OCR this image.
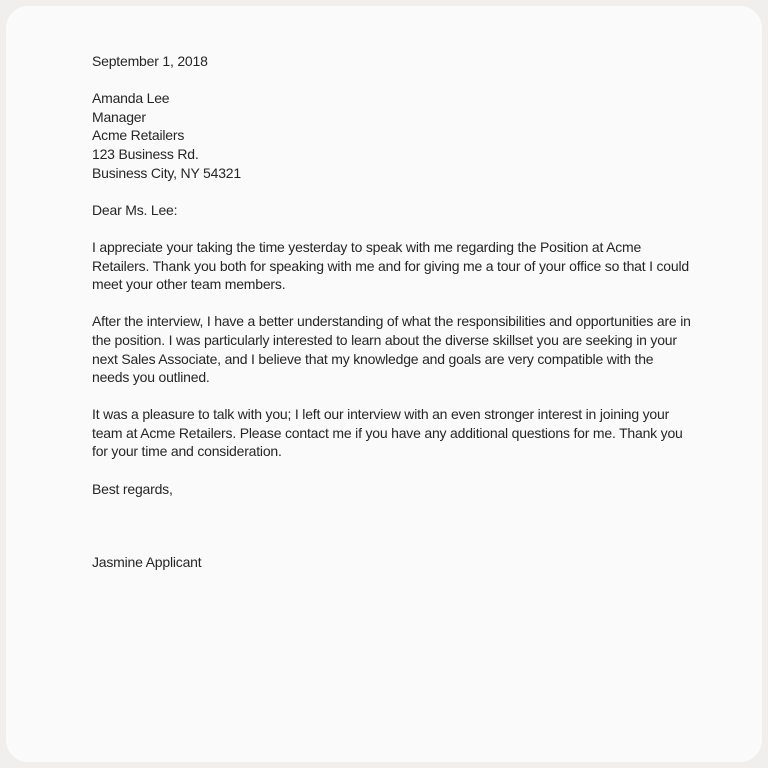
September 1, 2018

Amanda Lee

Manager

Acme Retailers

123 Business Rd.

Business City, NY 54321

Dear Ms. Lee:

I appreciate your taking the time yesterday to speak with me regarding the Position at Acme Retailers. Thank you both for speaking with me and for giving me a tour of your office so that I could meet your other team members.

After the interview, I have a better understanding of what the responsibilities and opportunities are in the position. I was particularly interested to learn about the diverse skillset you are seeking in your next Sales Associate, and I believe that my knowledge and goals are very compatible with the needs you outlined.

It was a pleasure to talk with you; I left our interview with an even stronger interest in joining your team at Acme Retailers. Please contact me if you have any additional questions for me. Thank you for your time and consideration.

Best regards,

Jasmine Applicant
